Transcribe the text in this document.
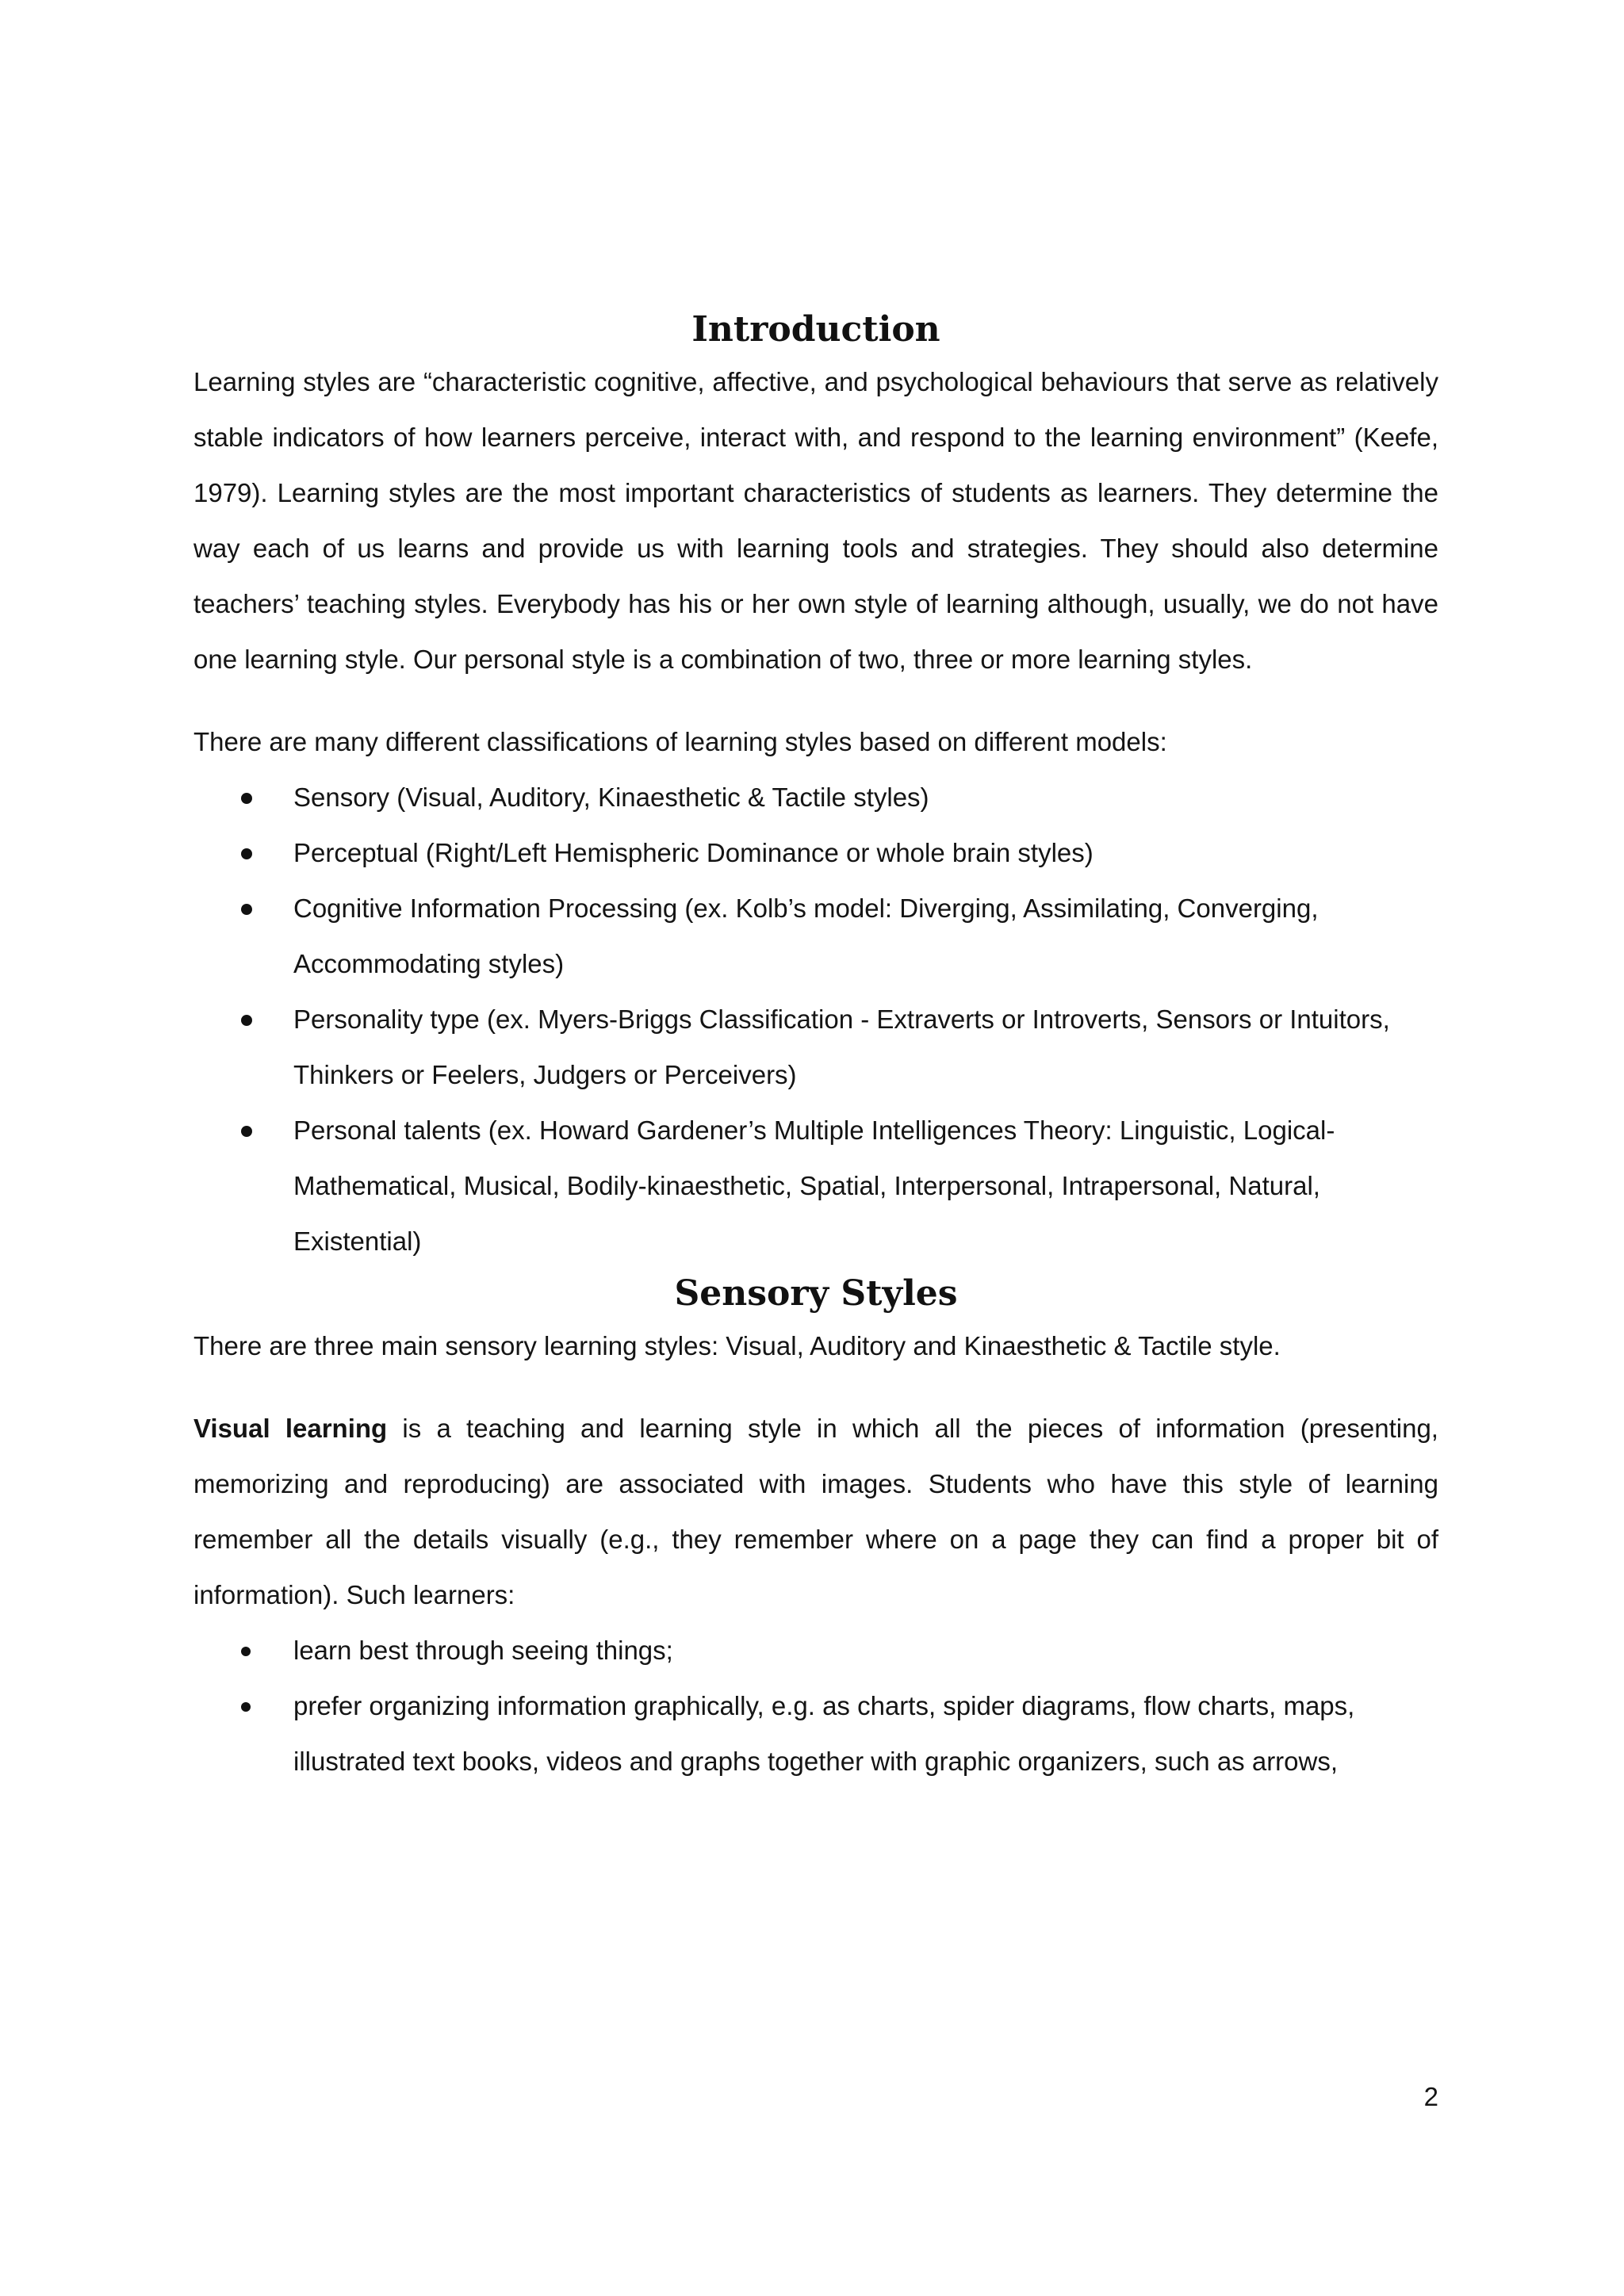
Introduction

Learning styles are “characteristic cognitive, affective, and psychological behaviours that serve as relatively stable indicators of how learners perceive, interact with, and respond to the learning environment” (Keefe, 1979). Learning styles are the most important characteristics of students as learners. They determine the way each of us learns and provide us with learning tools and strategies. They should also determine teachers’ teaching styles. Everybody has his or her own style of learning although, usually, we do not have one learning style. Our personal style is a combination of two, three or more learning styles.

There are many different classifications of learning styles based on different models:

Sensory (Visual, Auditory, Kinaesthetic & Tactile styles)
Perceptual (Right/Left Hemispheric Dominance or whole brain styles)
Cognitive Information Processing (ex. Kolb’s model: Diverging, Assimilating, Converging, Accommodating styles)
Personality type (ex. Myers-Briggs Classification - Extraverts or Introverts, Sensors or Intuitors, Thinkers or Feelers, Judgers or Perceivers)
Personal talents (ex. Howard Gardener’s Multiple Intelligences Theory: Linguistic, Logical-Mathematical, Musical, Bodily-kinaesthetic, Spatial, Interpersonal, Intrapersonal, Natural, Existential)
Sensory Styles

There are three main sensory learning styles: Visual, Auditory and Kinaesthetic & Tactile style.

Visual learning is a teaching and learning style in which all the pieces of information (presenting, memorizing and reproducing) are associated with images. Students who have this style of learning remember all the details visually (e.g., they remember where on a page they can find a proper bit of information). Such learners:

learn best through seeing things;
prefer organizing information graphically, e.g. as charts, spider diagrams, flow charts, maps, illustrated text books, videos and graphs together with graphic organizers, such as arrows,
2
